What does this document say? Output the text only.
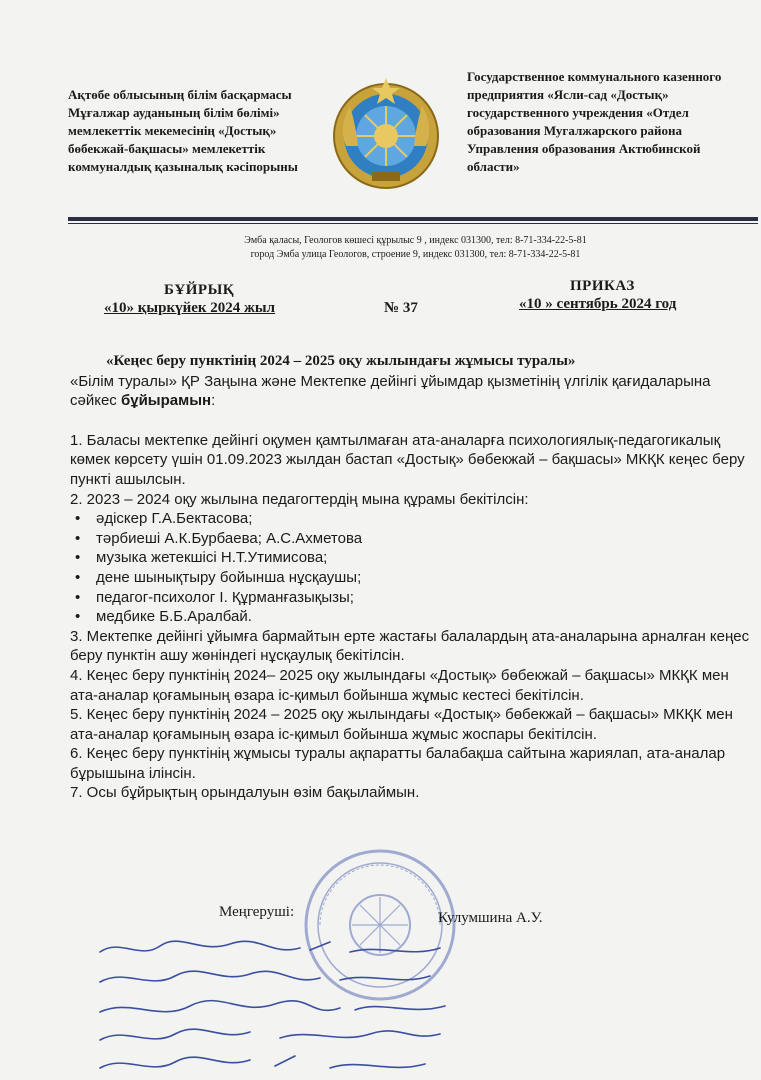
Ақтөбе облысының білім басқармасы
Мұғалжар ауданының білім бөлімі»
мемлекеттік мекемесінің «Достық»
бөбекжай-бақшасы» мемлекеттік
коммуналдық қазыналық кәсіпорыны
Государственное коммунального казенного
предприятия «Ясли-сад «Достық»
государственного учреждения «Отдел
образования Мугалжарского района
Управления образования Актюбинской
области»
Эмба қаласы, Геологов көшесі құрылыс 9 , индекс 031300, тел: 8-71-334-22-5-81
город Эмба улица Геологов, строение 9, индекс 031300, тел: 8-71-334-22-5-81
БҰЙРЫҚ	ПРИКАЗ
«10» қыркүйек 2024 жыл	№ 37	«10 » сентябрь 2024 год
«Кеңес беру пунктінің 2024 – 2025 оқу жылындағы жұмысы туралы»
«Білім туралы» ҚР Заңына және Мектепке дейінгі ұйымдар қызметінің үлгілік қағидаларына сәйкес бұйырамын:
1. Баласы мектепке дейінгі оқумен қамтылмаған ата-аналарға психологиялық-педагогикалық көмек көрсету үшін 01.09.2023 жылдан бастап «Достық» бөбекжай – бақшасы» МКҚК кеңес беру пункті ашылсын.
2. 2023 – 2024 оқу жылына педагогтердің мына құрамы бекітілсін:
• әдіскер Г.А.Бектасова;
• тәрбиеші А.К.Бурбаева; А.С.Ахметова
• музыка жетекшісі Н.Т.Утимисова;
• дене шынықтыру бойынша нұсқаушы;
• педагог-психолог І. Құрманғазықызы;
• медбике Б.Б.Аралбай.
3. Мектепке дейінгі ұйымға бармайтын ерте жастағы балалардың ата-аналарына арналған кеңес беру пунктін ашу жөніндегі нұсқаулық бекітілсін.
4. Кеңес беру пунктінің 2024– 2025 оқу жылындағы «Достық» бөбекжай – бақшасы» МКҚК мен ата-аналар қоғамының өзара іс-қимыл бойынша жұмыс кестесі бекітілсін.
5. Кеңес беру пунктінің 2024 – 2025 оқу жылындағы «Достық» бөбекжай – бақшасы» МКҚК мен ата-аналар қоғамының өзара іс-қимыл бойынша жұмыс жоспары бекітілсін.
6. Кеңес беру пунктінің жұмысы туралы ақпаратты балабақша сайтына жариялап, ата-аналар бұрышына ілінсін.
7. Осы бұйрықтың орындалуын өзім бақылаймын.
Меңгеруші:	Кулумшина А.У.
